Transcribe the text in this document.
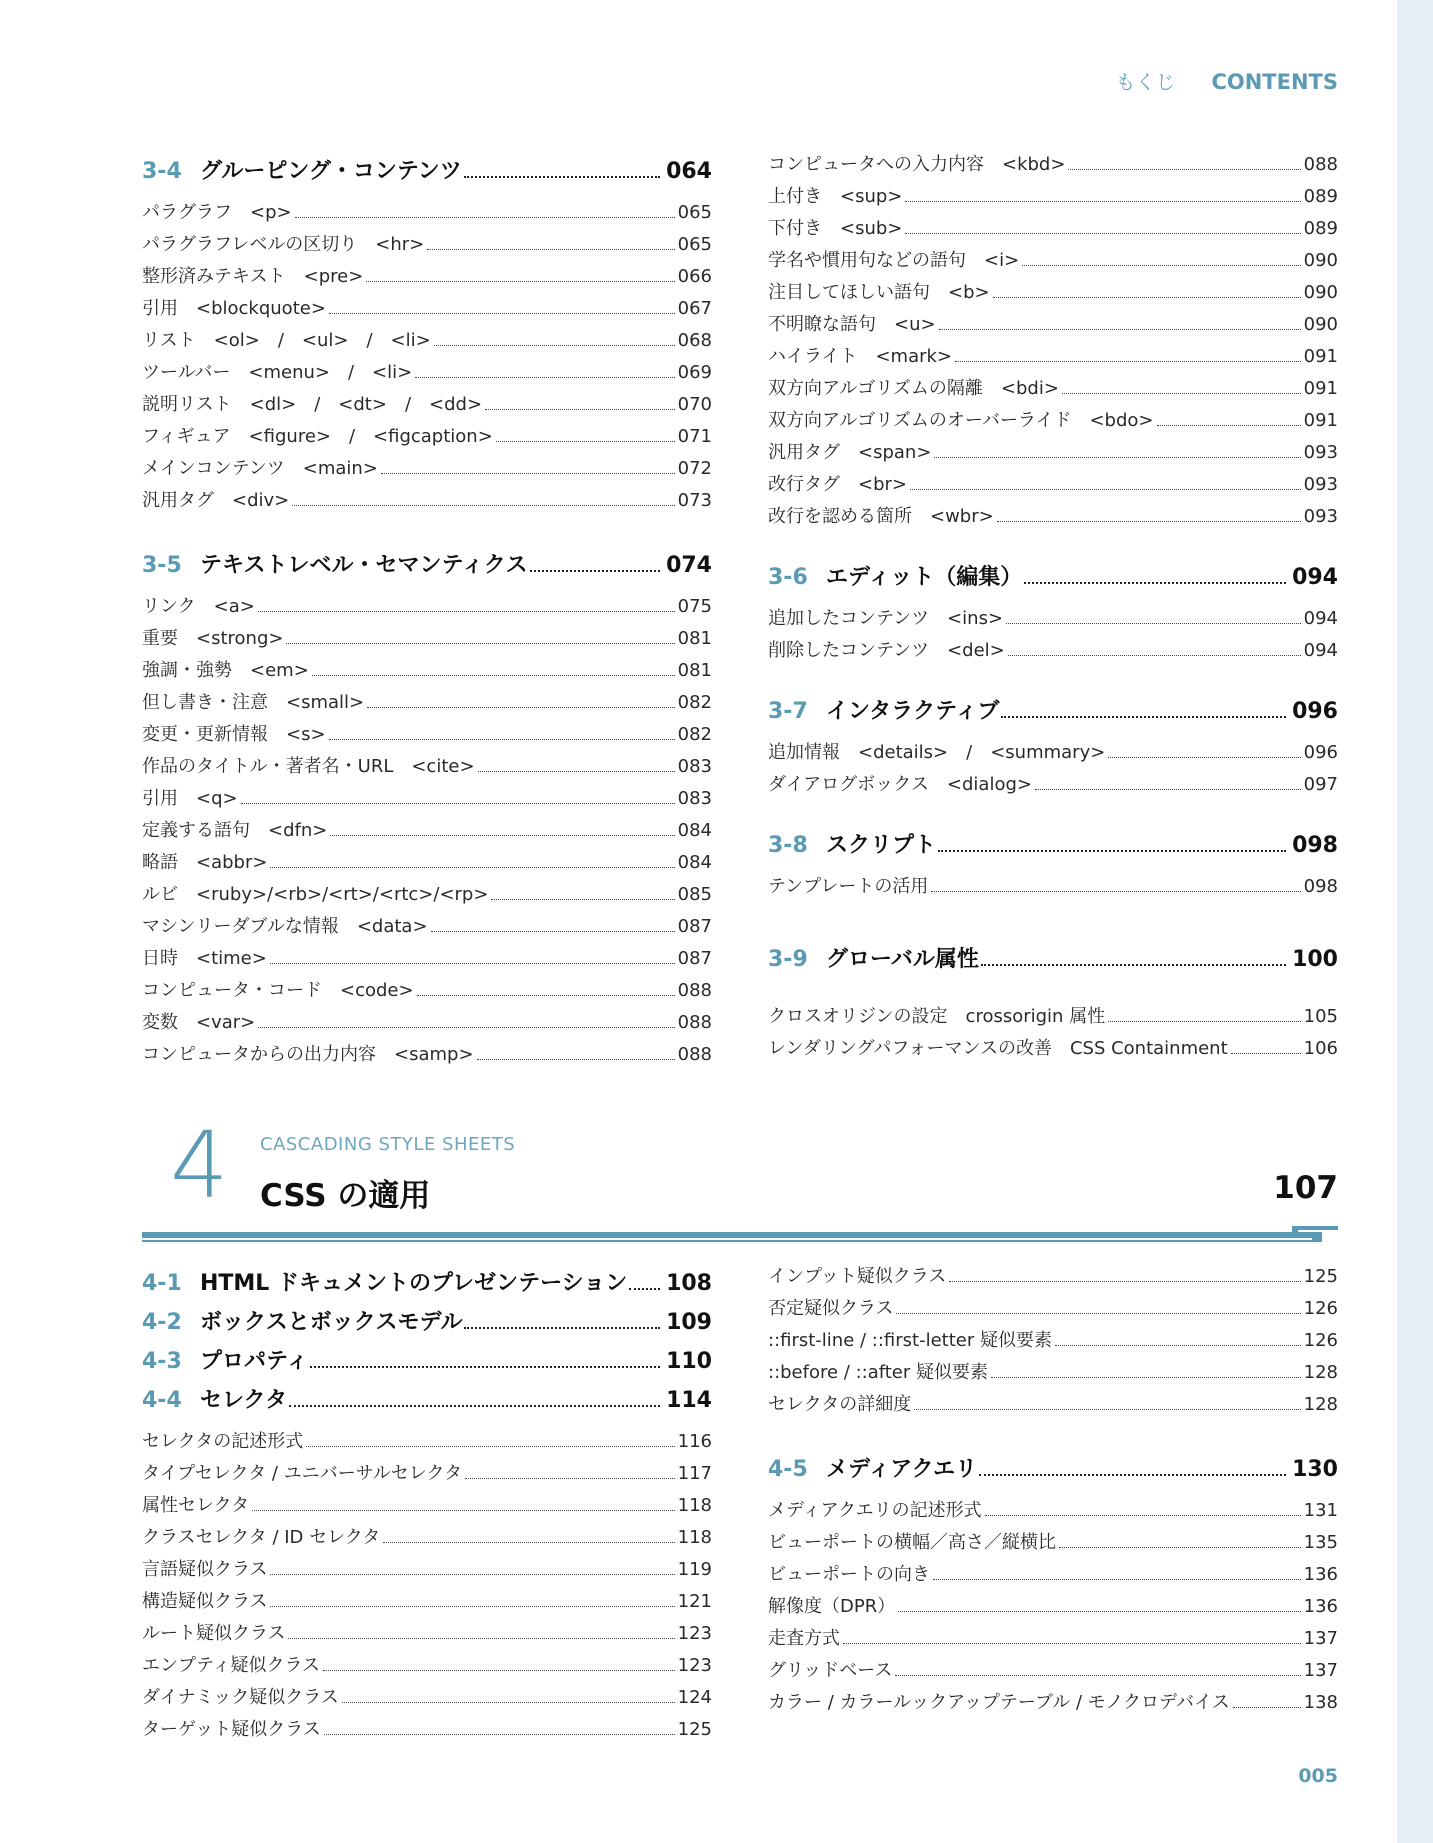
もくじ CONTENTS
3-4 グルーピング・コンテンツ	064
パラグラフ　<p>	065
パラグラフレベルの区切り　<hr>	065
整形済みテキスト　<pre>	066
引用　<blockquote>	067
リスト　<ol>　/　<ul>　/　<li>	068
ツールバー　<menu>　/　<li>	069
説明リスト　<dl>　/　<dt>　/　<dd>	070
フィギュア　<figure>　/　<figcaption>	071
メインコンテンツ　<main>	072
汎用タグ　<div>	073
3-5 テキストレベル・セマンティクス	074
リンク　<a>	075
重要　<strong>	081
強調・強勢　<em>	081
但し書き・注意　<small>	082
変更・更新情報　<s>	082
作品のタイトル・著者名・URL　<cite>	083
引用　<q>	083
定義する語句　<dfn>	084
略語　<abbr>	084
ルビ　<ruby>/<rb>/<rt>/<rtc>/<rp>	085
マシンリーダブルな情報　<data>	087
日時　<time>	087
コンピュータ・コード　<code>	088
変数　<var>	088
コンピュータからの出力内容　<samp>	088
コンピュータへの入力内容　<kbd>	088
上付き　<sup>	089
下付き　<sub>	089
学名や慣用句などの語句　<i>	090
注目してほしい語句　<b>	090
不明瞭な語句　<u>	090
ハイライト　<mark>	091
双方向アルゴリズムの隔離　<bdi>	091
双方向アルゴリズムのオーバーライド　<bdo>	091
汎用タグ　<span>	093
改行タグ　<br>	093
改行を認める箇所　<wbr>	093
3-6 エディット（編集）	094
追加したコンテンツ　<ins>	094
削除したコンテンツ　<del>	094
3-7 インタラクティブ	096
追加情報　<details>　/　<summary>	096
ダイアログボックス　<dialog>	097
3-8 スクリプト	098
テンプレートの活用	098
3-9 グローバル属性	100
クロスオリジンの設定　crossorigin 属性	105
レンダリングパフォーマンスの改善　CSS Containment	106
4 CASCADING STYLE SHEETS
CSS の適用	107
4-1 HTML ドキュメントのプレゼンテーション 108
4-2 ボックスとボックスモデル	109
4-3 プロパティ	110
4-4 セレクタ	114
セレクタの記述形式	116
タイプセレクタ / ユニバーサルセレクタ	117
属性セレクタ	118
クラスセレクタ / ID セレクタ	118
言語疑似クラス	119
構造疑似クラス	121
ルート疑似クラス	123
エンプティ疑似クラス	123
ダイナミック疑似クラス	124
ターゲット疑似クラス	125
インプット疑似クラス	125
否定疑似クラス	126
::first-line / ::first-letter 疑似要素	126
::before / ::after 疑似要素	128
セレクタの詳細度	128
4-5 メディアクエリ	130
メディアクエリの記述形式	131
ビューポートの横幅／高さ／縦横比	135
ビューポートの向き	136
解像度（DPR）	136
走査方式	137
グリッドベース	137
カラー / カラールックアップテーブル / モノクロデバイス	138
005
